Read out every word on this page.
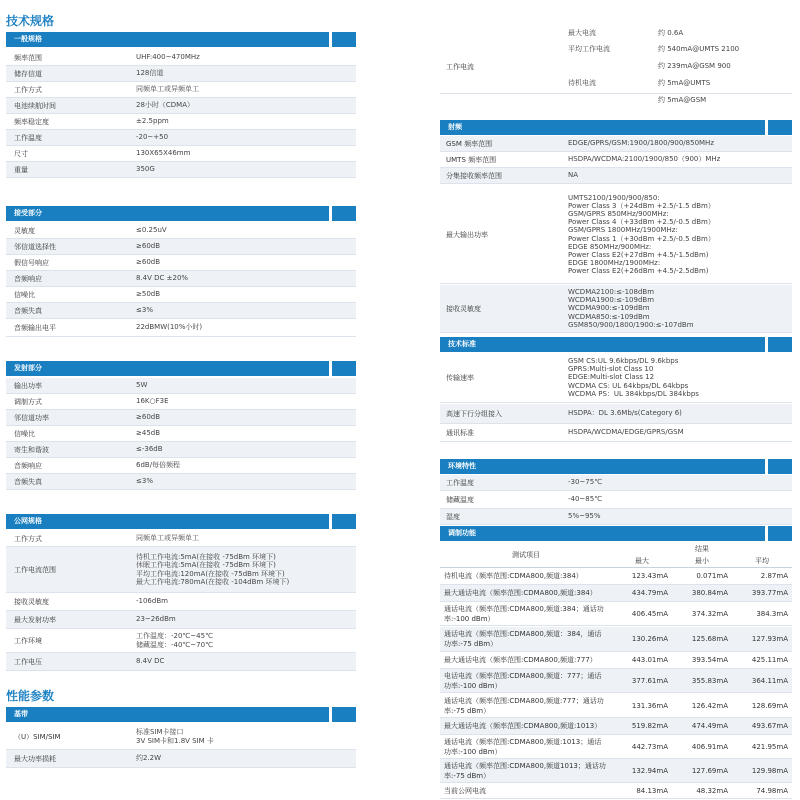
技术规格
一般规格
频率范围	UHF:400~470MHz
储存信道	128信道
工作方式	同频单工或异频单工
电池续航时间	28小时（CDMA）
频率稳定度	±2.5ppm
工作温度	-20~+50
尺寸	130X65X46mm
重量	350G
接受部分
灵敏度	≤0.25uV
邻信道选择性	≥60dB
假信号响应	≥60dB
音频响应	8.4V DC ±20%
信噪比	≥50dB
音频失真	≤3%
音频输出电平	22dBMW(10%小时)
发射部分
输出功率	5W
调制方式	16K○F3E
邻信道功率	≥60dB
信噪比	≥45dB
寄生和谐波	≤-36dB
音频响应	6dB/每倍频程
音频失真	≤3%
公网规格
工作方式	同频单工或异频单工
工作电流范围
待机工作电流:5mA(在接收 -75dBm 环境下)
休眠工作电流:5mA(在接收 -75dBm 环境下)
平均工作电流:120mA(在接收 -75dBm 环境下)
最大工作电流:780mA(在接收 -104dBm 环境下)
接收灵敏度	-106dBm
最大发射功率	23~26dBm
工作环境
工作温度：-20℃~45℃
储藏温度：-40℃~70℃
工作电压	8.4V DC
性能参数
基带
（U）SIM/SIM
标准SIM卡接口
3V SIM卡和1.8V SIM 卡
最大功率损耗	约2.2W
工作电流

最大电流	约 0.6A

平均工作电流	约 540mA@UMTS 2100

约 239mA@GSM 900

待机电流	约 5mA@UMTS

约 5mA@GSM

射频
GSM 频率范围	EDGE/GPRS/GSM:1900/1800/900/850MHz
UMTS 频率范围	HSDPA/WCDMA:2100/1900/850（900）MHz
分集接收频率范围	NA
最大输出功率
UMTS2100/1900/900/850:
Power Class 3（+24dBm +2.5/-1.5 dBm）
GSM/GPRS 850MHz/900MHz:
Power Class 4（+33dBm +2.5/-0.5 dBm）
GSM/GPRS 1800MHz/1900MHz:
Power Class 1（+30dBm +2.5/-0.5 dBm）
EDGE 850MHz/900MHz:
Power Class E2(+27dBm +4.5/-1.5dBm)
EDGE 1800MHz/1900MHz:
Power Class E2(+26dBm +4.5/-2.5dBm)
接收灵敏度
WCDMA2100:≤-108dBm
WCDMA1900:≤-109dBm
WCDMA900:≤-109dBm
WCDMA850:≤-109dBm
GSM850/900/1800/1900:≤-107dBm
技术标准
传输速率
GSM CS:UL 9.6kbps/DL 9.6kbps
GPRS:Multi-slot Class 10
EDGE:Multi-slot Class 12
WCDMA CS: UL 64kbps/DL 64kbps
WCDMA PS：UL 384kbps/DL 384kbps
高速下行分组接入	HSDPA：DL 3.6Mb/s(Category 6)
通讯标准	HSDPA/WCDMA/EDGE/GPRS/GSM
环境特性
工作温度	-30~75℃
储藏温度	-40~85℃
湿度	5%~95%
调制功能
测试项目
结果
最大	最小	平均
待机电流（频率范围:CDMA800,频道:384）	123.43mA	0.071mA	2.87mA
最大通话电流（频率范围:CDMA800,频道:384）	434.79mA	380.84mA	393.77mA
通话电流（频率范围:CDMA800,频道:384；通话功率:-100 dBm）
406.45mA	374.32mA	384.3mA
通话电流（频率范围:CDMA800,频道：384，通话功率:-75 dBm）
130.26mA	125.68mA	127.93mA
最大通话电流（频率范围:CDMA800,频道:777）	443.01mA	393.54mA	425.11mA
电话电流（频率范围:CDMA800,频道：777；通话功率:-100 dBm）
377.61mA	355.83mA	364.11mA
通话电流（频率范围:CDMA800,频道:777；通话功率:-75 dBm）
131.36mA	126.42mA	128.69mA
最大通话电流（频率范围:CDMA800,频道:1013）	519.82mA	474.49mA	493.67mA
通话电流（频率范围:CDMA800,频道:1013；通话功率:-100 dBm）
442.73mA	406.91mA	421.95mA
通话电流（频率范围:CDMA800,频道1013；通话功率:-75 dBm）
132.94mA	127.69mA	129.98mA
当前公网电流	84.13mA	48.32mA	74.98mA
